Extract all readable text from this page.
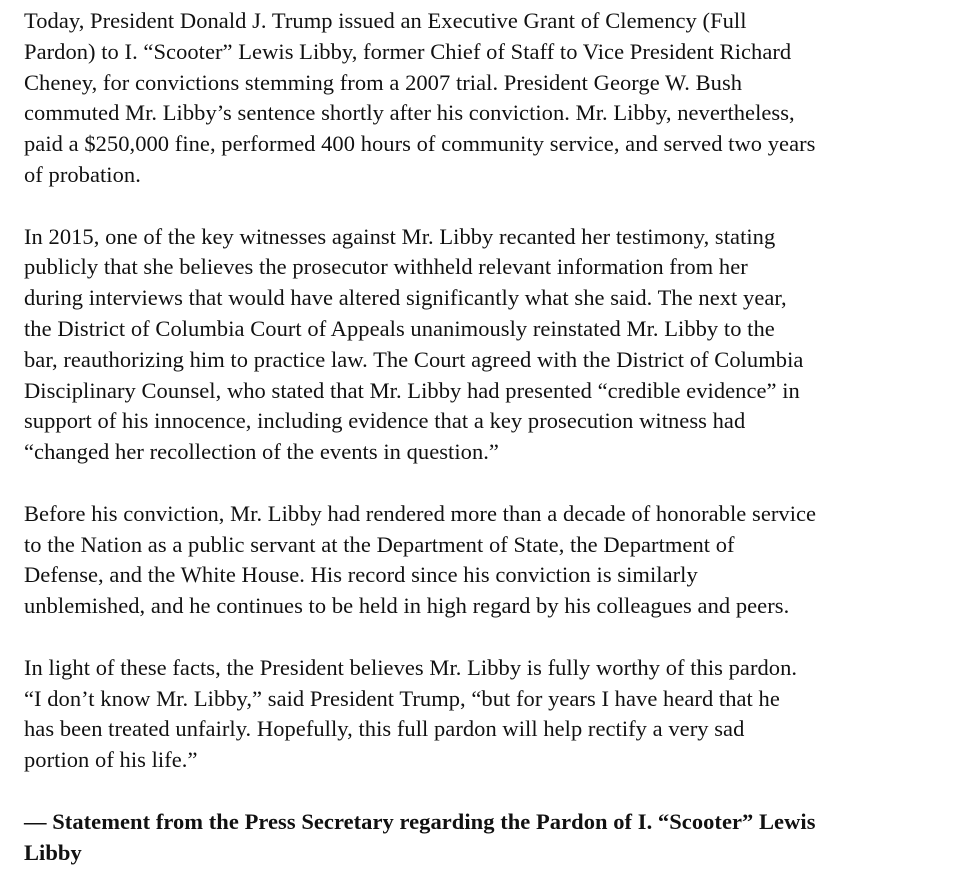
Today, President Donald J. Trump issued an Executive Grant of Clemency (Full
Pardon) to I. “Scooter” Lewis Libby, former Chief of Staff to Vice President Richard
Cheney, for convictions stemming from a 2007 trial. President George W. Bush
commuted Mr. Libby’s sentence shortly after his conviction. Mr. Libby, nevertheless,
paid a $250,000 fine, performed 400 hours of community service, and served two years
of probation.

In 2015, one of the key witnesses against Mr. Libby recanted her testimony, stating
publicly that she believes the prosecutor withheld relevant information from her
during interviews that would have altered significantly what she said. The next year,
the District of Columbia Court of Appeals unanimously reinstated Mr. Libby to the
bar, reauthorizing him to practice law. The Court agreed with the District of Columbia
Disciplinary Counsel, who stated that Mr. Libby had presented “credible evidence” in
support of his innocence, including evidence that a key prosecution witness had
“changed her recollection of the events in question.”

Before his conviction, Mr. Libby had rendered more than a decade of honorable service
to the Nation as a public servant at the Department of State, the Department of
Defense, and the White House. His record since his conviction is similarly
unblemished, and he continues to be held in high regard by his colleagues and peers.

In light of these facts, the President believes Mr. Libby is fully worthy of this pardon.
“I don’t know Mr. Libby,” said President Trump, “but for years I have heard that he
has been treated unfairly. Hopefully, this full pardon will help rectify a very sad
portion of his life.”

— Statement from the Press Secretary regarding the Pardon of I. “Scooter” Lewis
Libby
